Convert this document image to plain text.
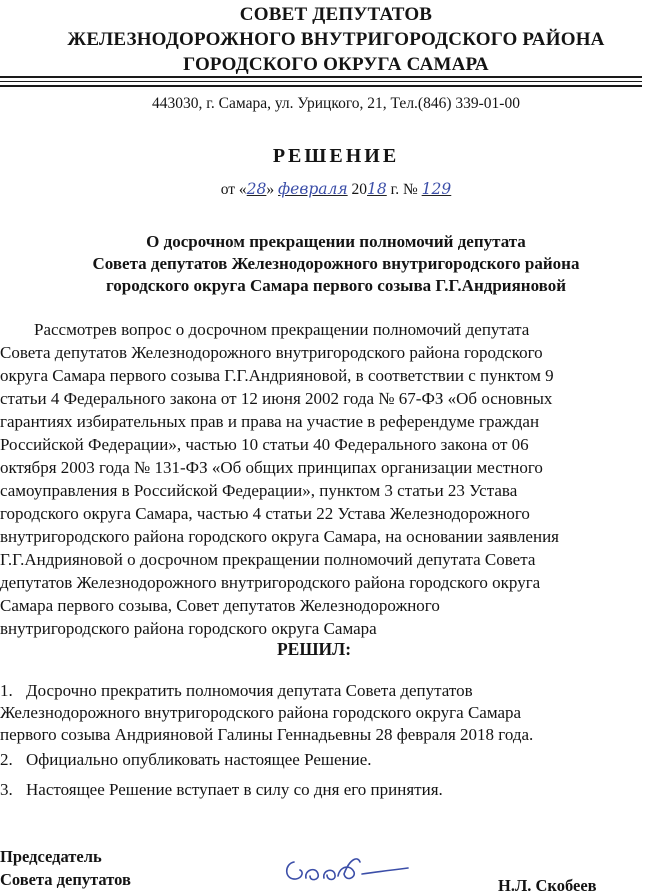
СОВЕТ ДЕПУТАТОВ
ЖЕЛЕЗНОДОРОЖНОГО ВНУТРИГОРОДСКОГО РАЙОНА
ГОРОДСКОГО ОКРУГА САМАРА
443030, г. Самара, ул. Урицкого, 21, Тел.(846) 339-01-00
РЕШЕНИЕ
от «28» февраля 2018 г. № 129
О досрочном прекращении полномочий депутата
Совета депутатов Железнодорожного внутригородского района
городского округа Самара первого созыва Г.Г.Андрияновой
Рассмотрев вопрос о досрочном прекращении полномочий депутата
Совета депутатов Железнодорожного внутригородского района городского
округа Самара первого созыва Г.Г.Андрияновой, в соответствии с пунктом 9
статьи 4 Федерального закона от 12 июня 2002 года № 67-ФЗ «Об основных
гарантиях избирательных прав и права на участие в референдуме граждан
Российской Федерации», частью 10 статьи 40 Федерального закона от 06
октября 2003 года № 131-ФЗ «Об общих принципах организации местного
самоуправления в Российской Федерации», пунктом 3 статьи 23 Устава
городского округа Самара, частью 4 статьи 22 Устава Железнодорожного
внутригородского района городского округа Самара, на основании заявления
Г.Г.Андрияновой о досрочном прекращении полномочий депутата Совета
депутатов Железнодорожного внутригородского района городского округа
Самара первого созыва, Совет депутатов Железнодорожного
внутригородского района городского округа Самара
РЕШИЛ:
1. Досрочно прекратить полномочия депутата Совета депутатов
Железнодорожного внутригородского района городского округа Самара
первого созыва Андрияновой Галины Геннадьевны 28 февраля 2018 года.
2. Официально опубликовать настоящее Решение.
3. Настоящее Решение вступает в силу со дня его принятия.
Председатель
Совета депутатов	Н.Л. Скобеев
